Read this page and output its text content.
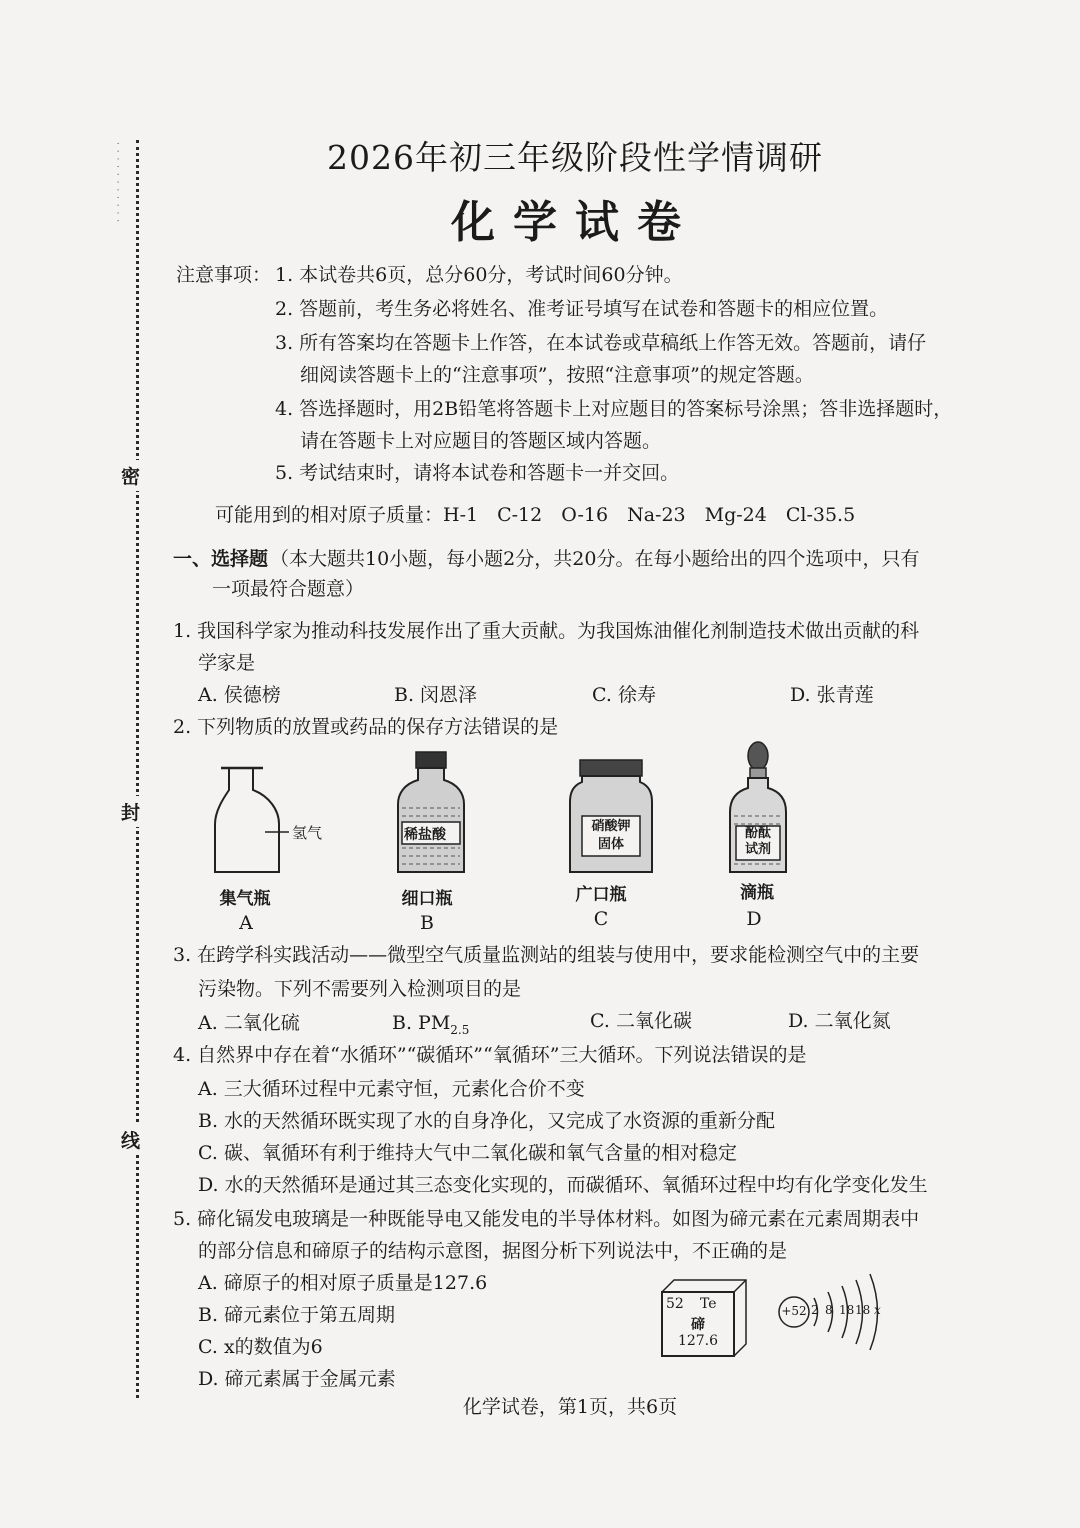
· · · · · · · · · · ·
密
封
线
2026年初三年级阶段性学情调研
化学试卷
注意事项： 1. 本试卷共6页，总分60分，考试时间60分钟。
2. 答题前，考生务必将姓名、准考证号填写在试卷和答题卡的相应位置。
3. 所有答案均在答题卡上作答，在本试卷或草稿纸上作答无效。答题前，请仔
细阅读答题卡上的“注意事项”，按照“注意事项”的规定答题。
4. 答选择题时，用2B铅笔将答题卡上对应题目的答案标号涂黑；答非选择题时，
请在答题卡上对应题目的答题区域内答题。
5. 考试结束时，请将本试卷和答题卡一并交回。
可能用到的相对原子质量：H-1　C-12　O-16　Na-23　Mg-24　Cl-35.5
一、选择题 （本大题共10小题，每小题2分，共20分。在每小题给出的四个选项中，只有
一项最符合题意）
1. 我国科学家为推动科技发展作出了重大贡献。为我国炼油催化剂制造技术做出贡献的科
学家是
A. 侯德榜	B. 闵恩泽	C. 徐寿	D. 张青莲
2. 下列物质的放置或药品的保存方法错误的是
氢气
集气瓶
A
稀盐酸
细口瓶
B
硝酸钾
固体
广口瓶
C
酚酞
试剂
滴瓶
D
3. 在跨学科实践活动——微型空气质量监测站的组装与使用中，要求能检测空气中的主要
污染物。下列不需要列入检测项目的是
A. 二氧化硫	B. $PM_{2.5}$	C. 二氧化碳	D. 二氧化氮
4. 自然界中存在着“水循环”“碳循环”“氧循环”三大循环。下列说法错误的是
A. 三大循环过程中元素守恒，元素化合价不变
B. 水的天然循环既实现了水的自身净化，又完成了水资源的重新分配
C. 碳、氧循环有利于维持大气中二氧化碳和氧气含量的相对稳定
D. 水的天然循环是通过其三态变化实现的，而碳循环、氧循环过程中均有化学变化发生
5. 碲化镉发电玻璃是一种既能导电又能发电的半导体材料。如图为碲元素在元素周期表中
的部分信息和碲原子的结构示意图，据图分析下列说法中，不正确的是
A. 碲原子的相对原子质量是127.6
B. 碲元素位于第五周期
C. x的数值为6
D. 碲元素属于金属元素
52 Te
碲
127.6
+52 2 8 18 18 x
化学试卷，第1页，共6页
